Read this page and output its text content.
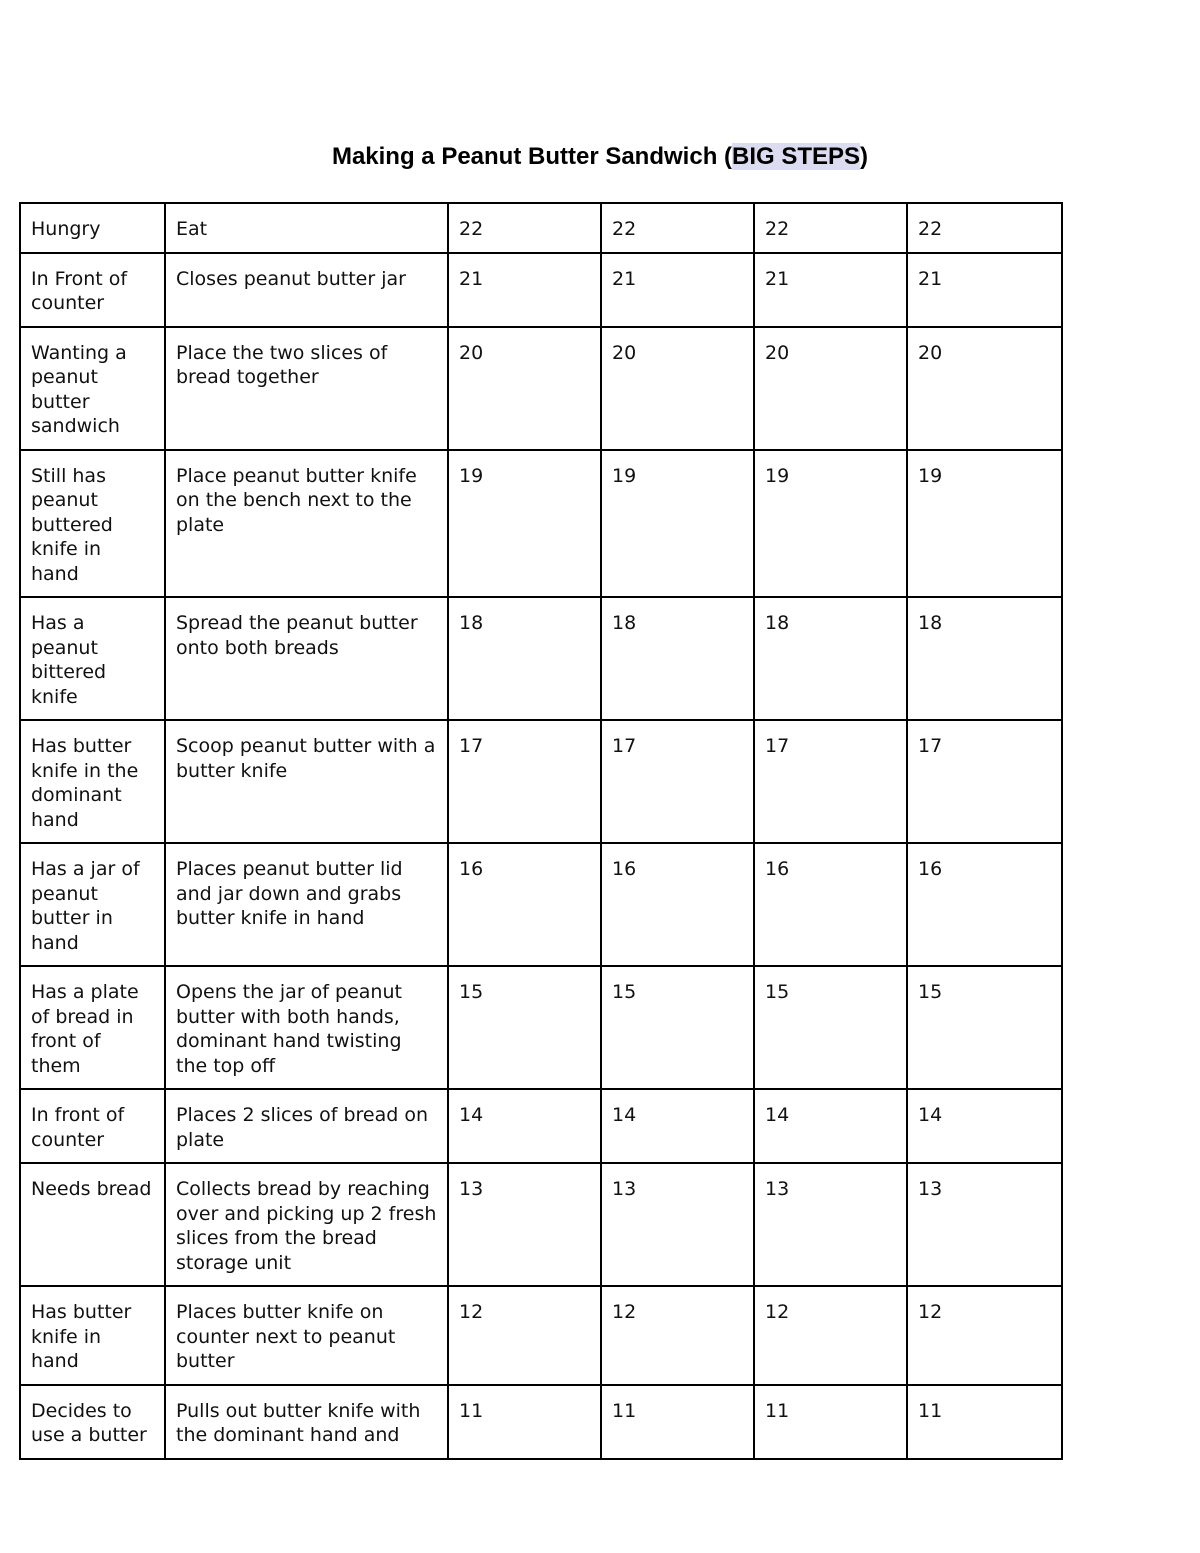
Making a Peanut Butter Sandwich (BIG STEPS)
Hungry	Eat	22	22	22	22
In Front of counter	Closes peanut butter jar	21	21	21	21
Wanting a peanut butter sandwich	Place the two slices of bread together	20	20	20	20
Still has peanut buttered knife in hand	Place peanut butter knife on the bench next to the plate	19	19	19	19
Has a peanut bittered knife	Spread the peanut butter onto both breads	18	18	18	18
Has butter knife in the dominant hand	Scoop peanut butter with a butter knife	17	17	17	17
Has a jar of peanut butter in hand	Places peanut butter lid and jar down and grabs butter knife in hand	16	16	16	16
Has a plate of bread in front of them	Opens the jar of peanut butter with both hands, dominant hand twisting the top off	15	15	15	15
In front of counter	Places 2 slices of bread on plate	14	14	14	14
Needs bread	Collects bread by reaching over and picking up 2 fresh slices from the bread storage unit	13	13	13	13
Has butter knife in hand	Places butter knife on counter next to peanut butter	12	12	12	12
Decides to use a butter	Pulls out butter knife with the dominant hand and	11	11	11	11
